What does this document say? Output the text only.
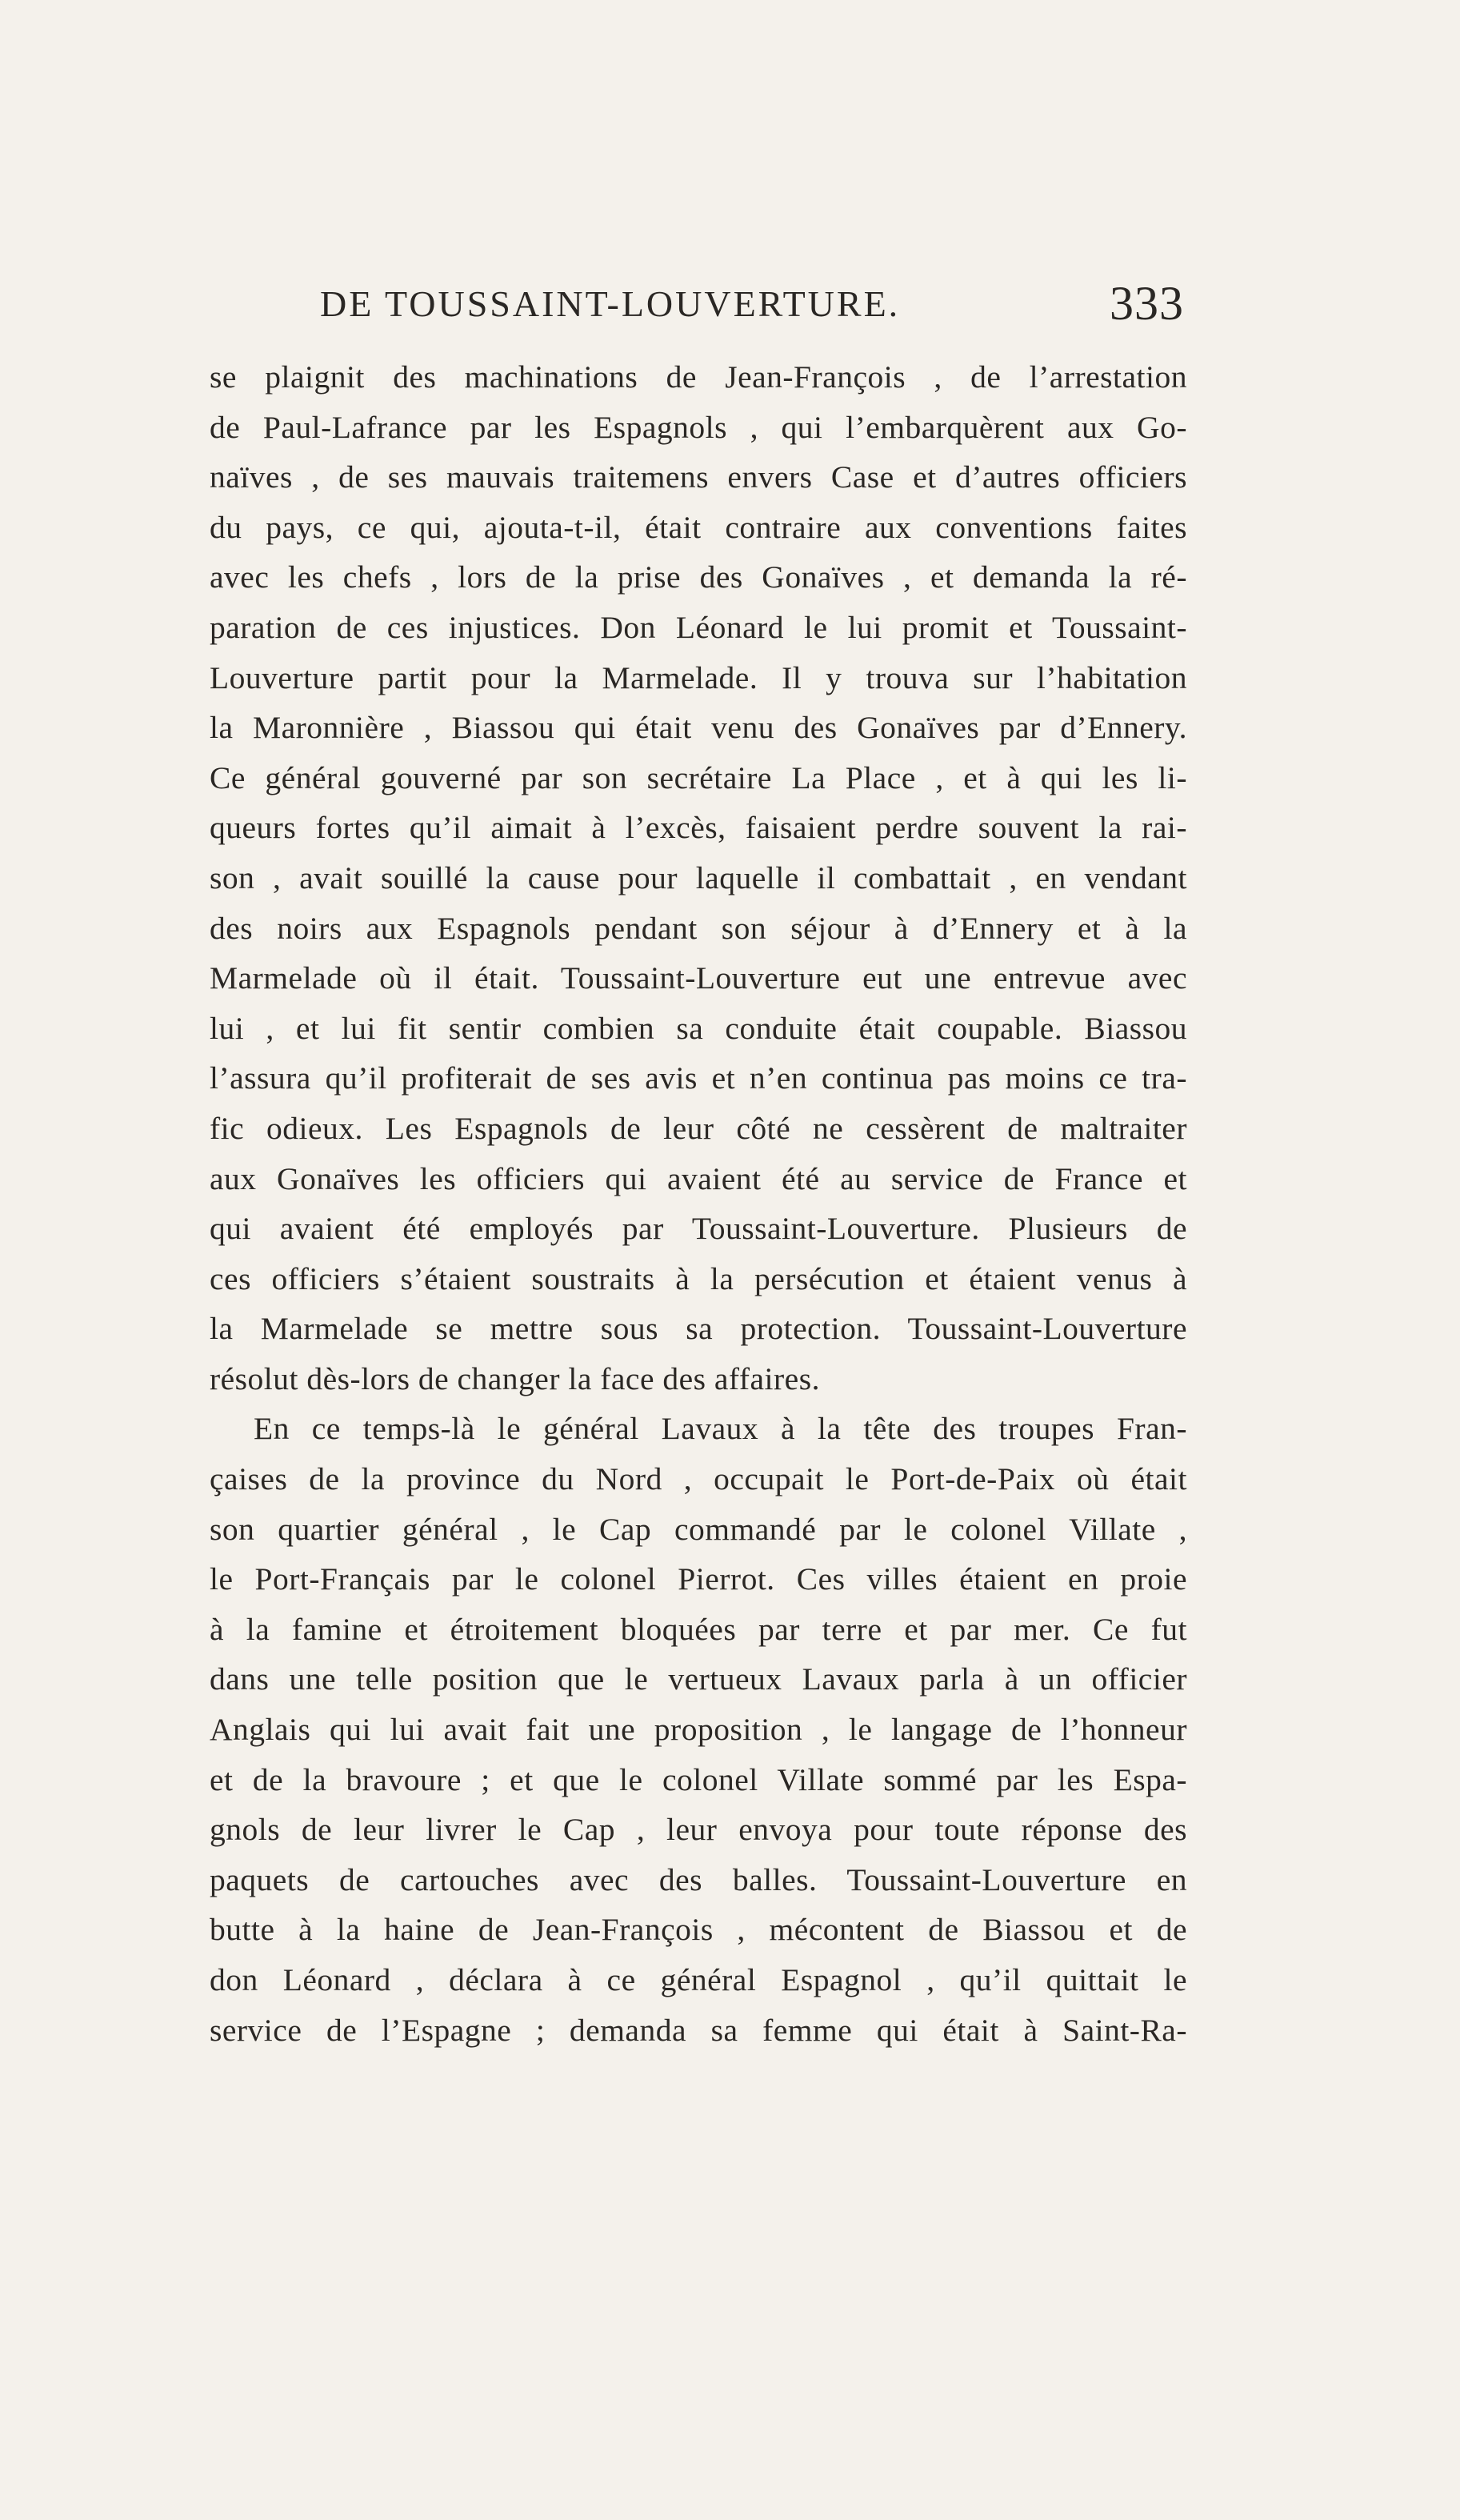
DE TOUSSAINT-LOUVERTURE.	333
se plaignit des machinations de Jean-François , de l’arrestation
de Paul-Lafrance par les Espagnols , qui l’embarquèrent aux Go-
naïves , de ses mauvais traitemens envers Case et d’autres officiers
du pays, ce qui, ajouta-t-il, était contraire aux conventions faites
avec les chefs , lors de la prise des Gonaïves , et demanda la ré-
paration de ces injustices. Don Léonard le lui promit et Toussaint-
Louverture partit pour la Marmelade. Il y trouva sur l’habitation
la Maronnière , Biassou qui était venu des Gonaïves par d’Ennery.
Ce général gouverné par son secrétaire La Place , et à qui les li-
queurs fortes qu’il aimait à l’excès, faisaient perdre souvent la rai-
son , avait souillé la cause pour laquelle il combattait , en vendant
des noirs aux Espagnols pendant son séjour à d’Ennery et à la
Marmelade où il était. Toussaint-Louverture eut une entrevue avec
lui , et lui fit sentir combien sa conduite était coupable. Biassou
l’assura qu’il profiterait de ses avis et n’en continua pas moins ce tra-
fic odieux. Les Espagnols de leur côté ne cessèrent de maltraiter
aux Gonaïves les officiers qui avaient été au service de France et
qui avaient été employés par Toussaint-Louverture. Plusieurs de
ces officiers s’étaient soustraits à la persécution et étaient venus à
la Marmelade se mettre sous sa protection. Toussaint-Louverture
résolut dès-lors de changer la face des affaires.
En ce temps-là le général Lavaux à la tête des troupes Fran-
çaises de la province du Nord , occupait le Port-de-Paix où était
son quartier général , le Cap commandé par le colonel Villate ,
le Port-Français par le colonel Pierrot. Ces villes étaient en proie
à la famine et étroitement bloquées par terre et par mer. Ce fut
dans une telle position que le vertueux Lavaux parla à un officier
Anglais qui lui avait fait une proposition , le langage de l’honneur
et de la bravoure ; et que le colonel Villate sommé par les Espa-
gnols de leur livrer le Cap , leur envoya pour toute réponse des
paquets de cartouches avec des balles. Toussaint-Louverture en
butte à la haine de Jean-François , mécontent de Biassou et de
don Léonard , déclara à ce général Espagnol , qu’il quittait le
service de l’Espagne ; demanda sa femme qui était à Saint-Ra-
